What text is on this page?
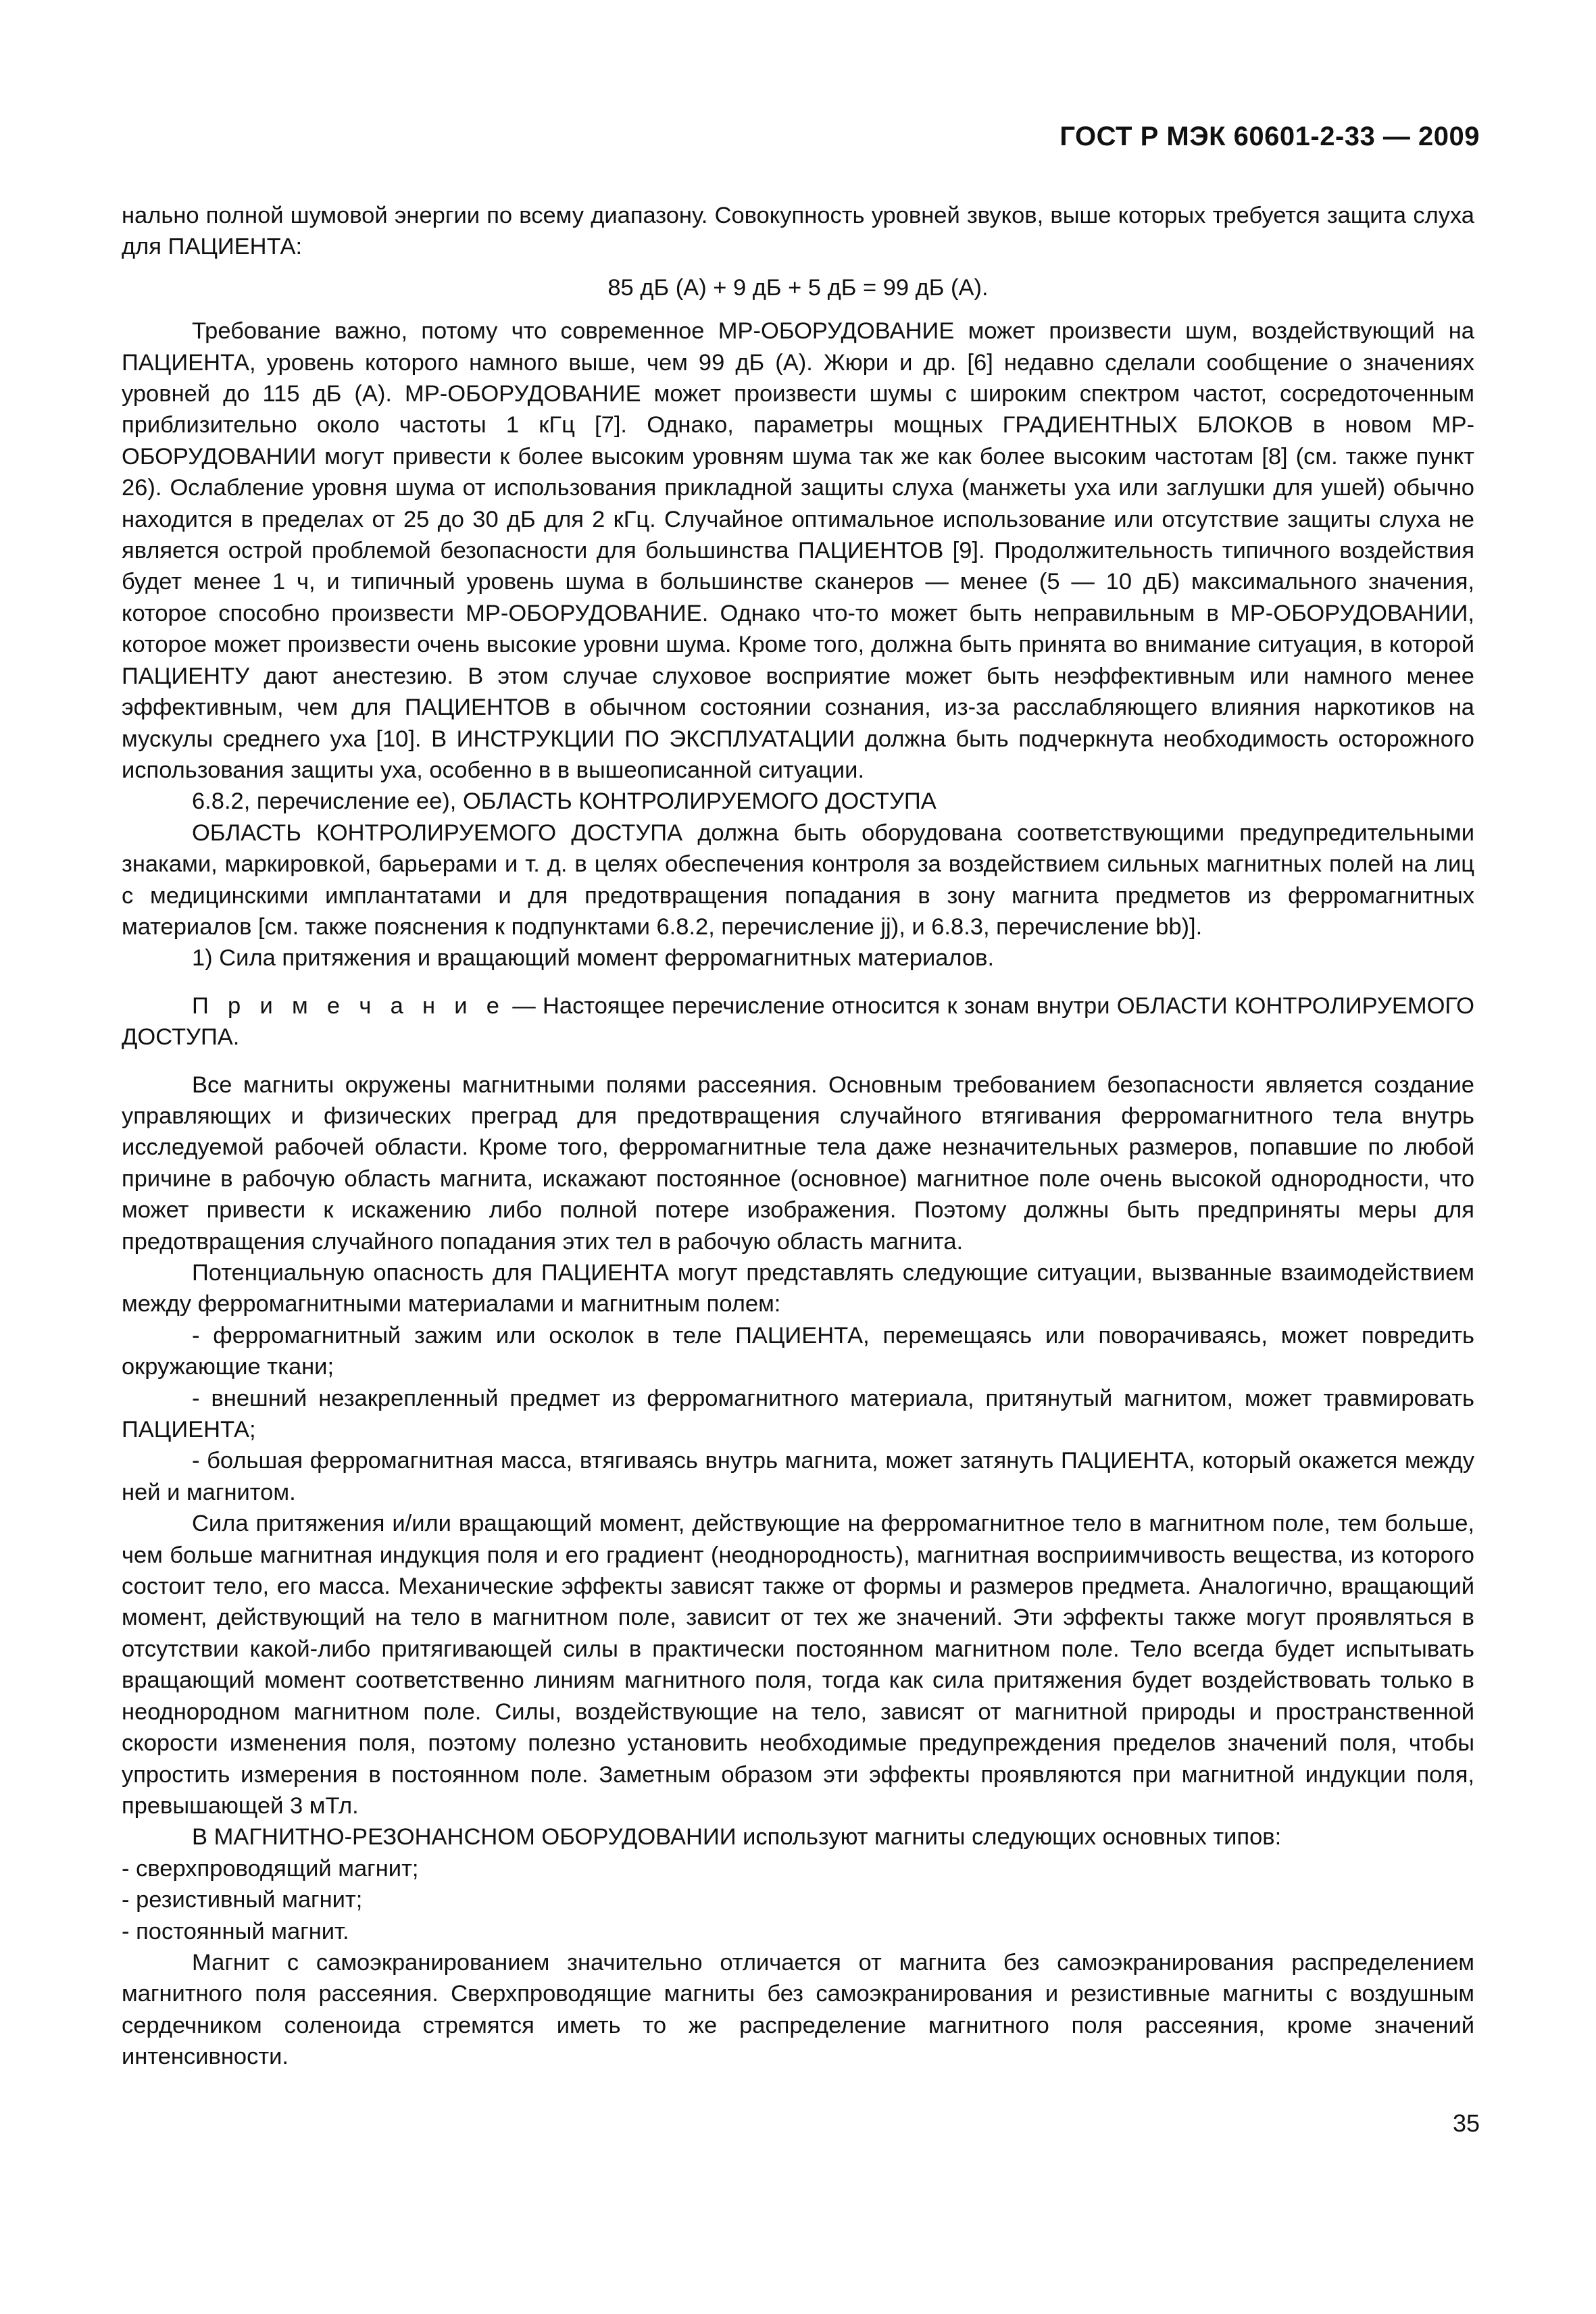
ГОСТ Р МЭК 60601-2-33 — 2009

нально полной шумовой энергии по всему диапазону. Совокупность уровней звуков, выше которых требуется защита слуха для ПАЦИЕНТА:

85 дБ (A) + 9 дБ + 5 дБ = 99 дБ (A).

Требование важно, потому что современное МР-ОБОРУДОВАНИЕ может произвести шум, воздействующий на ПАЦИЕНТА, уровень которого намного выше, чем 99 дБ (A). Жюри и др. [6] недавно сделали сообщение о значениях уровней до 115 дБ (A). МР-ОБОРУДОВАНИЕ может произвести шумы с широким спектром частот, сосредоточенным приблизительно около частоты 1 кГц [7]. Однако, параметры мощных ГРАДИЕНТНЫХ БЛОКОВ в новом МР-ОБОРУДОВАНИИ могут привести к более высоким уровням шума так же как более высоким частотам [8] (см. также пункт 26). Ослабление уровня шума от использования прикладной защиты слуха (манжеты уха или заглушки для ушей) обычно находится в пределах от 25 до 30 дБ для 2 кГц. Случайное оптимальное использование или отсутствие защиты слуха не является острой проблемой безопасности для большинства ПАЦИЕНТОВ [9]. Продолжительность типичного воздействия будет менее 1 ч, и типичный уровень шума в большинстве сканеров — менее (5 — 10 дБ) максимального значения, которое способно произвести МР-ОБОРУДОВАНИЕ. Однако что-то может быть неправильным в МР-ОБОРУДОВАНИИ, которое может произвести очень высокие уровни шума. Кроме того, должна быть принята во внимание ситуация, в которой ПАЦИЕНТУ дают анестезию. В этом случае слуховое восприятие может быть неэффективным или намного менее эффективным, чем для ПАЦИЕНТОВ в обычном состоянии сознания, из-за расслабляющего влияния наркотиков на мускулы среднего уха [10]. В ИНСТРУКЦИИ ПО ЭКСПЛУАТАЦИИ должна быть подчеркнута необходимость осторожного использования защиты уха, особенно в в вышеописанной ситуации.

6.8.2, перечисление ee), ОБЛАСТЬ КОНТРОЛИРУЕМОГО ДОСТУПА

ОБЛАСТЬ КОНТРОЛИРУЕМОГО ДОСТУПА должна быть оборудована соответствующими предупредительными знаками, маркировкой, барьерами и т. д. в целях обеспечения контроля за воздействием сильных магнитных полей на лиц с медицинскими имплантатами и для предотвращения попадания в зону магнита предметов из ферромагнитных материалов [см. также пояснения к подпунктами 6.8.2, перечисление jj), и 6.8.3, перечисление bb)].

1) Сила притяжения и вращающий момент ферромагнитных материалов.

П р и м е ч а н и е — Настоящее перечисление относится к зонам внутри ОБЛАСТИ КОНТРОЛИРУЕМОГО ДОСТУПА.

Все магниты окружены магнитными полями рассеяния. Основным требованием безопасности является создание управляющих и физических преград для предотвращения случайного втягивания ферромагнитного тела внутрь исследуемой рабочей области. Кроме того, ферромагнитные тела даже незначительных размеров, попавшие по любой причине в рабочую область магнита, искажают постоянное (основное) магнитное поле очень высокой однородности, что может привести к искажению либо полной потере изображения. Поэтому должны быть предприняты меры для предотвращения случайного попадания этих тел в рабочую область магнита.

Потенциальную опасность для ПАЦИЕНТА могут представлять следующие ситуации, вызванные взаимодействием между ферромагнитными материалами и магнитным полем:

- ферромагнитный зажим или осколок в теле ПАЦИЕНТА, перемещаясь или поворачиваясь, может повредить окружающие ткани;

- внешний незакрепленный предмет из ферромагнитного материала, притянутый магнитом, может травмировать ПАЦИЕНТА;

- большая ферромагнитная масса, втягиваясь внутрь магнита, может затянуть ПАЦИЕНТА, который окажется между ней и магнитом.

Сила притяжения и/или вращающий момент, действующие на ферромагнитное тело в магнитном поле, тем больше, чем больше магнитная индукция поля и его градиент (неоднородность), магнитная восприимчивость вещества, из которого состоит тело, его масса. Механические эффекты зависят также от формы и размеров предмета. Аналогично, вращающий момент, действующий на тело в магнитном поле, зависит от тех же значений. Эти эффекты также могут проявляться в отсутствии какой-либо притягивающей силы в практически постоянном магнитном поле. Тело всегда будет испытывать вращающий момент соответственно линиям магнитного поля, тогда как сила притяжения будет воздействовать только в неоднородном магнитном поле. Силы, воздействующие на тело, зависят от магнитной природы и пространственной скорости изменения поля, поэтому полезно установить необходимые предупреждения пределов значений поля, чтобы упростить измерения в постоянном поле. Заметным образом эти эффекты проявляются при магнитной индукции поля, превышающей 3 мТл.

В МАГНИТНО-РЕЗОНАНСНОМ ОБОРУДОВАНИИ используют магниты следующих основных типов:

- сверхпроводящий магнит;

- резистивный магнит;

- постоянный магнит.

Магнит с самоэкранированием значительно отличается от магнита без самоэкранирования распределением магнитного поля рассеяния. Сверхпроводящие магниты без самоэкранирования и резистивные магниты с воздушным сердечником соленоида стремятся иметь то же распределение магнитного поля рассеяния, кроме значений интенсивности.

35
